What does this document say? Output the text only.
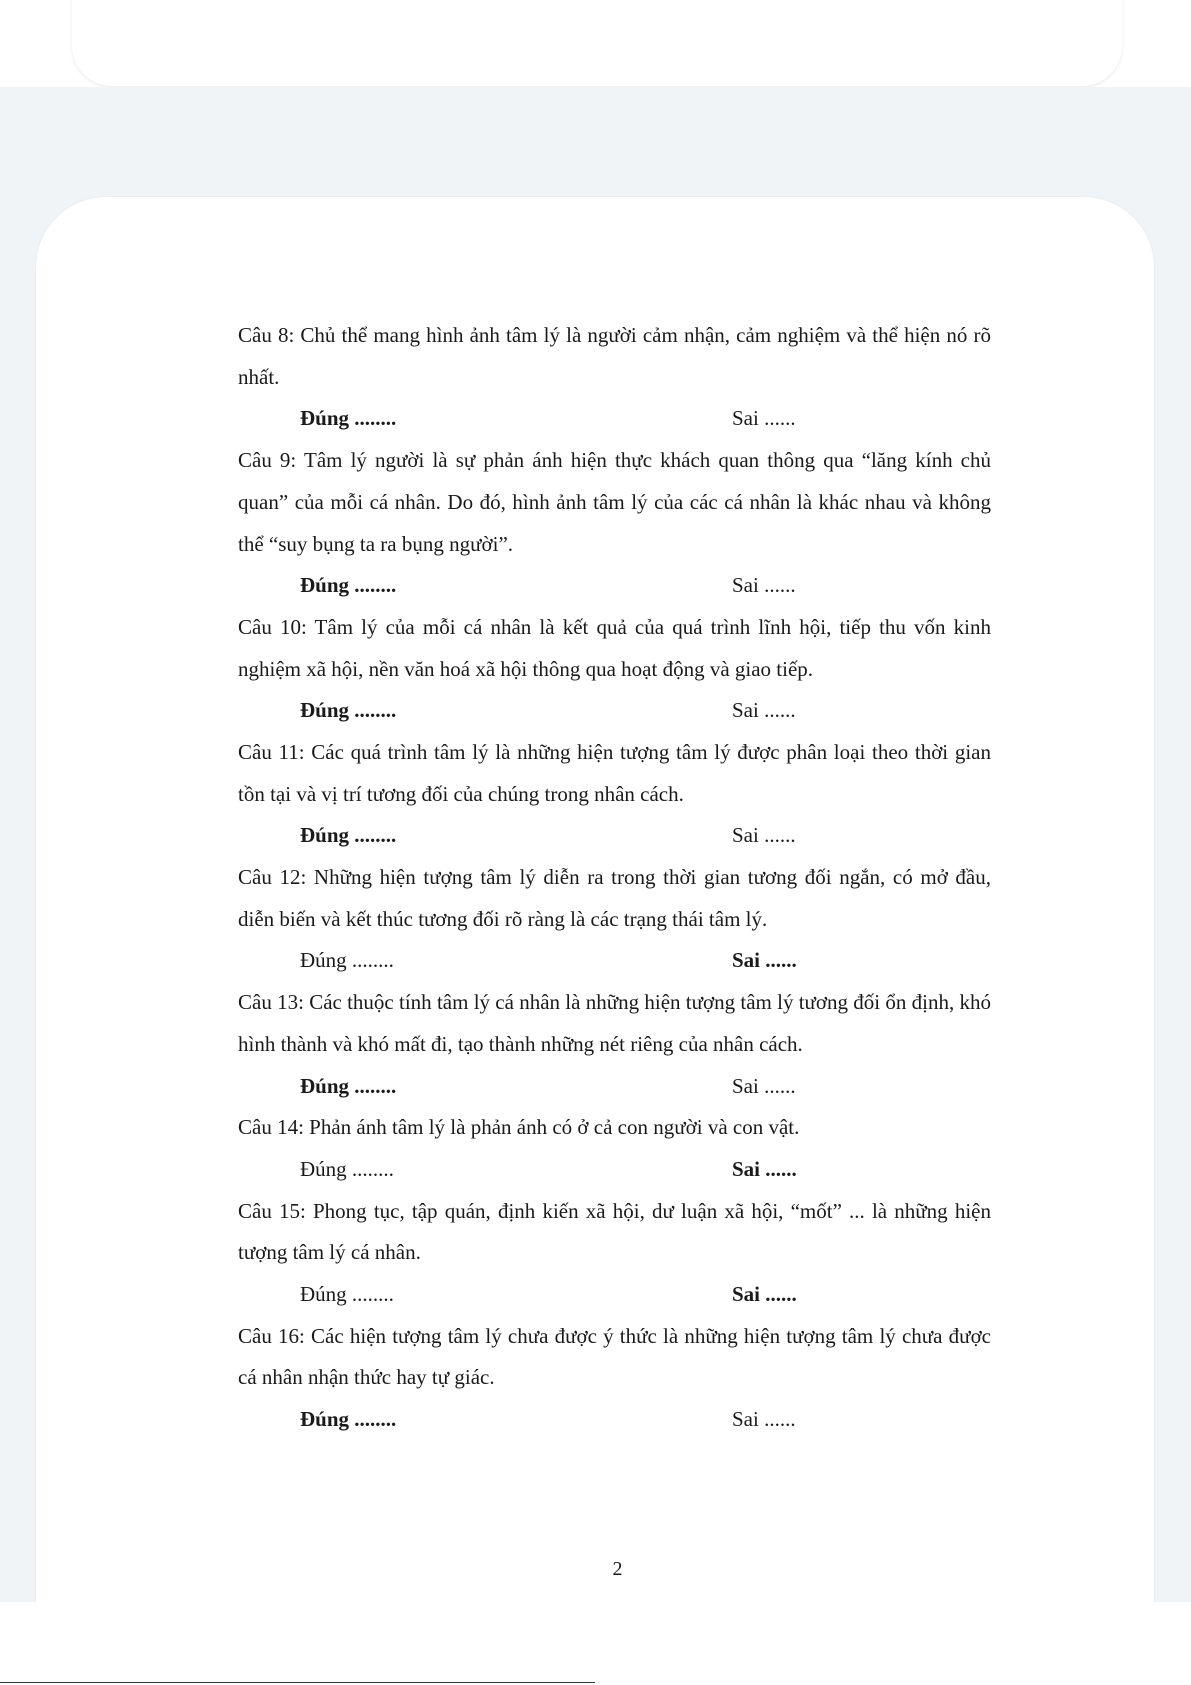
Câu 8: Chủ thể mang hình ảnh tâm lý là người cảm nhận, cảm nghiệm và thể hiện nó rõ nhất.

Đúng ........	Sai ......

Câu 9: Tâm lý người là sự phản ánh hiện thực khách quan thông qua “lăng kính chủ quan” của mỗi cá nhân. Do đó, hình ảnh tâm lý của các cá nhân là khác nhau và không thể “suy bụng ta ra bụng người”.

Đúng ........	Sai ......

Câu 10: Tâm lý của mỗi cá nhân là kết quả của quá trình lĩnh hội, tiếp thu vốn kinh nghiệm xã hội, nền văn hoá xã hội thông qua hoạt động và giao tiếp.

Đúng ........	Sai ......

Câu 11: Các quá trình tâm lý là những hiện tượng tâm lý được phân loại theo thời gian tồn tại và vị trí tương đối của chúng trong nhân cách.

Đúng ........	Sai ......

Câu 12: Những hiện tượng tâm lý diễn ra trong thời gian tương đối ngắn, có mở đầu, diễn biến và kết thúc tương đối rõ ràng là các trạng thái tâm lý.

Đúng ........	Sai ......

Câu 13: Các thuộc tính tâm lý cá nhân là những hiện tượng tâm lý tương đối ổn định, khó hình thành và khó mất đi, tạo thành những nét riêng của nhân cách.

Đúng ........	Sai ......

Câu 14: Phản ánh tâm lý là phản ánh có ở cả con người và con vật.

Đúng ........	Sai ......

Câu 15: Phong tục, tập quán, định kiến xã hội, dư luận xã hội, “mốt” ... là những hiện tượng tâm lý cá nhân.

Đúng ........	Sai ......

Câu 16: Các hiện tượng tâm lý chưa được ý thức là những hiện tượng tâm lý chưa được cá nhân nhận thức hay tự giác.

Đúng ........	Sai ......
2
